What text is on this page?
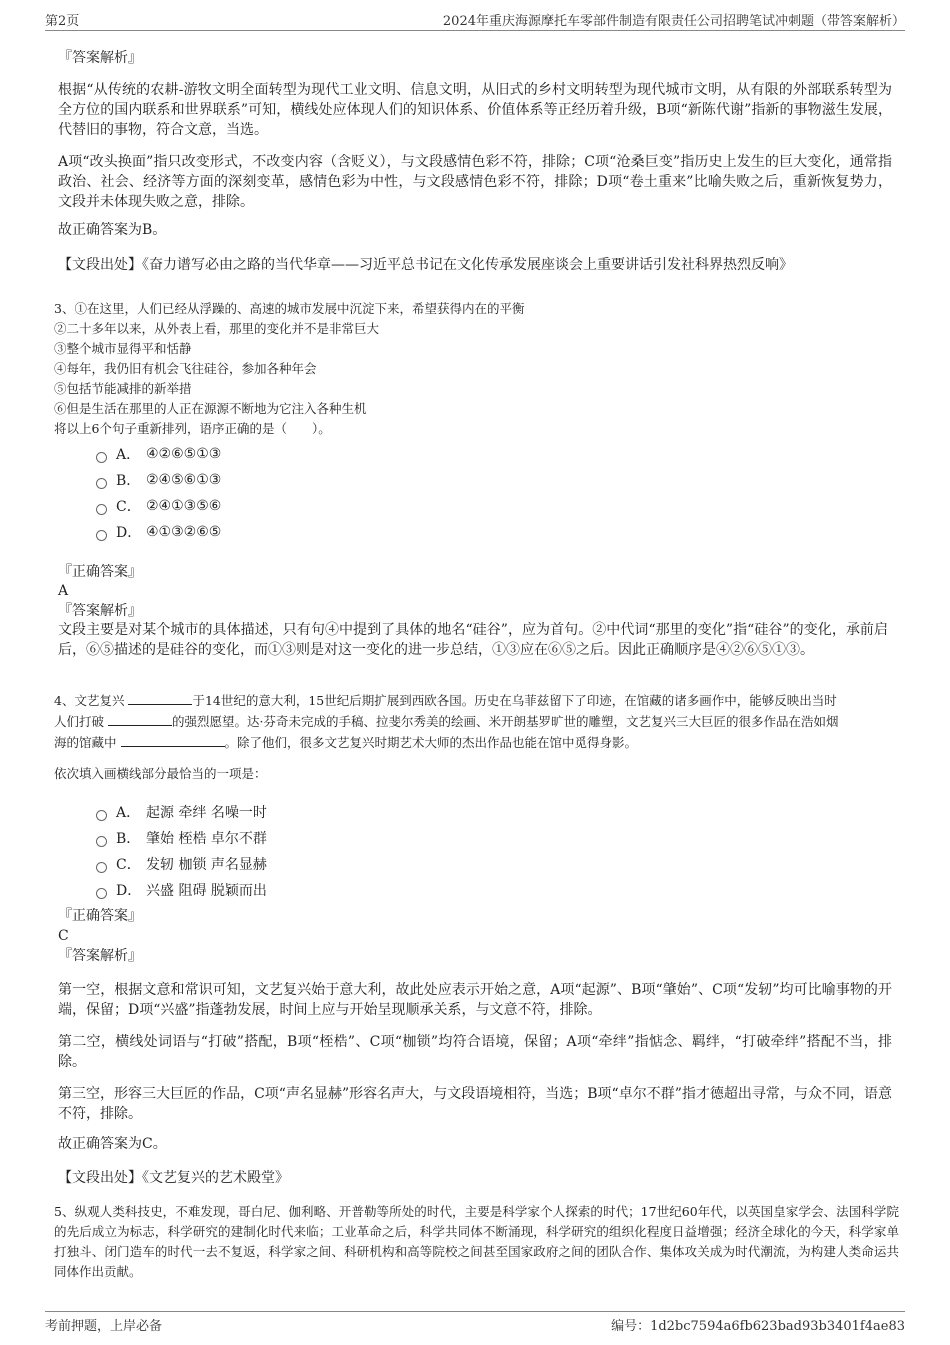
第2页	2024年重庆海源摩托车零部件制造有限责任公司招聘笔试冲刺题（带答案解析）
『答案解析』

根据“从传统的农耕-游牧文明全面转型为现代工业文明、信息文明，从旧式的乡村文明转型为现代城市文明，从有限的外部联系转型为全方位的国内联系和世界联系”可知，横线处应体现人们的知识体系、价值体系等正经历着升级，B项“新陈代谢”指新的事物滋生发展，代替旧的事物，符合文意，当选。

A项“改头换面”指只改变形式，不改变内容（含贬义），与文段感情色彩不符，排除；C项“沧桑巨变”指历史上发生的巨大变化，通常指政治、社会、经济等方面的深刻变革，感情色彩为中性，与文段感情色彩不符，排除；D项“卷土重来”比喻失败之后，重新恢复势力，文段并未体现失败之意，排除。

故正确答案为B。

【文段出处】《奋力谱写必由之路的当代华章——习近平总书记在文化传承发展座谈会上重要讲话引发社科界热烈反响》

3、①在这里，人们已经从浮躁的、高速的城市发展中沉淀下来，希望获得内在的平衡

②二十多年以来，从外表上看，那里的变化并不是非常巨大

③整个城市显得平和恬静

④每年，我仍旧有机会飞往硅谷，参加各种年会

⑤包括节能减排的新举措

⑥但是生活在那里的人正在源源不断地为它注入各种生机

将以上6个句子重新排列，语序正确的是（　　）。

A． ④②⑥⑤①③
B． ②④⑤⑥①③
C． ②④①③⑤⑥
D． ④①③②⑥⑤
『正确答案』
A
『答案解析』

文段主要是对某个城市的具体描述，只有句④中提到了具体的地名“硅谷”，应为首句。②中代词“那里的变化”指“硅谷”的变化，承前启后，⑥⑤描述的是硅谷的变化，而①③则是对这一变化的进一步总结，①③应在⑥⑤之后。因此正确顺序是④②⑥⑤①③。

4、文艺复兴	于14世纪的意大利，15世纪后期扩展到西欧各国。历史在乌菲兹留下了印迹，在馆藏的诸多画作中，能够反映出当时
人们打破	的强烈愿望。达·芬奇未完成的手稿、拉斐尔秀美的绘画、米开朗基罗旷世的雕塑，文艺复兴三大巨匠的很多作品在浩如烟
海的馆藏中	。除了他们，很多文艺复兴时期艺术大师的杰出作品也能在馆中觅得身影。

依次填入画横线部分最恰当的一项是：

A． 起源 牵绊 名噪一时
B． 肇始 桎梏 卓尔不群
C． 发轫 枷锁 声名显赫
D． 兴盛 阻碍 脱颖而出
『正确答案』
C
『答案解析』

第一空，根据文意和常识可知，文艺复兴始于意大利，故此处应表示开始之意，A项“起源”、B项“肇始”、C项“发轫”均可比喻事物的开端，保留；D项“兴盛”指蓬勃发展，时间上应与开始呈现顺承关系，与文意不符，排除。

第二空，横线处词语与“打破”搭配，B项“桎梏”、C项“枷锁”均符合语境，保留；A项“牵绊”指惦念、羁绊，“打破牵绊”搭配不当，排除。

第三空，形容三大巨匠的作品，C项“声名显赫”形容名声大，与文段语境相符，当选；B项“卓尔不群”指才德超出寻常，与众不同，语意不符，排除。

故正确答案为C。

【文段出处】《文艺复兴的艺术殿堂》

5、纵观人类科技史，不难发现，哥白尼、伽利略、开普勒等所处的时代，主要是科学家个人探索的时代；17世纪60年代，以英国皇家学会、法国科学院的先后成立为标志，科学研究的建制化时代来临；工业革命之后，科学共同体不断涌现，科学研究的组织化程度日益增强；经济全球化的今天，科学家单打独斗、闭门造车的时代一去不复返，科学家之间、科研机构和高等院校之间甚至国家政府之间的团队合作、集体攻关成为时代潮流，为构建人类命运共同体作出贡献。

考前押题，上岸必备	编号：1d2bc7594a6fb623bad93b3401f4ae83
